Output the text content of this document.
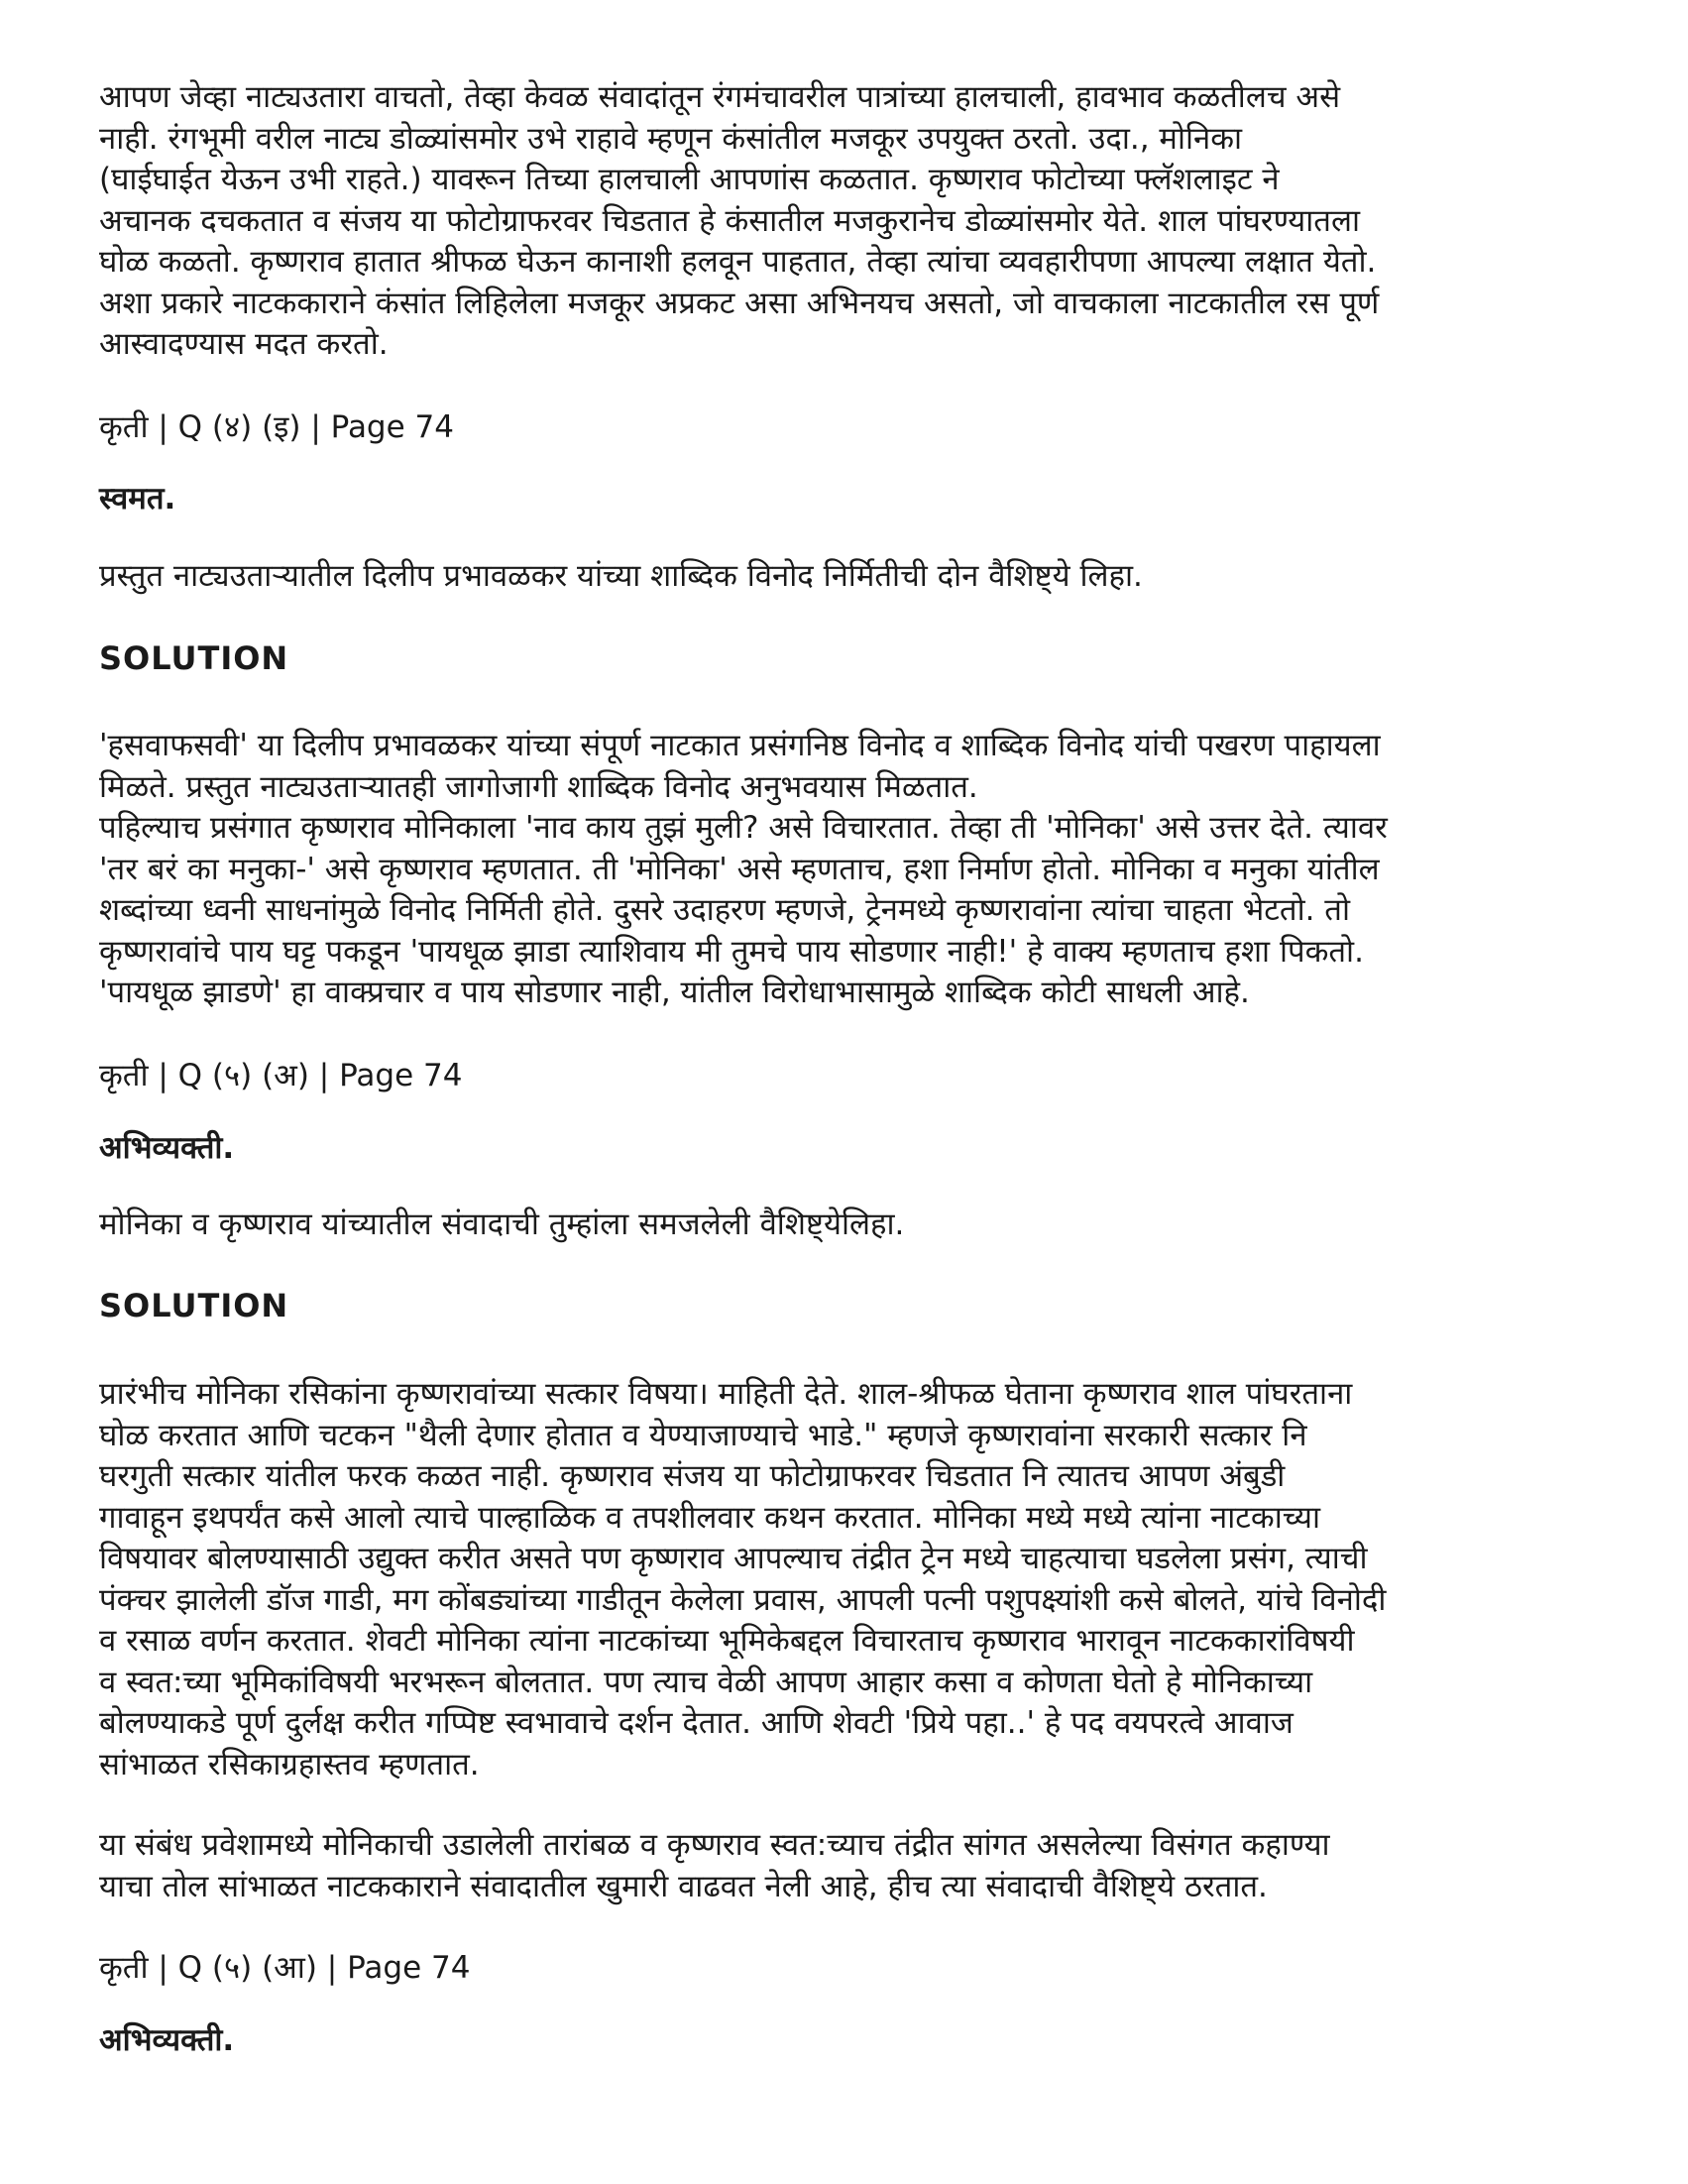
आपण जेव्हा नाट्यउतारा वाचतो, तेव्हा केवळ संवादांतून रंगमंचावरील पात्रांच्या हालचाली, हावभाव कळतीलच असे
नाही. रंगभूमी वरील नाट्य डोळ्यांसमोर उभे राहावे म्हणून कंसांतील मजकूर उपयुक्त ठरतो. उदा., मोनिका
(घाईघाईत येऊन उभी राहते.) यावरून तिच्या हालचाली आपणांस कळतात. कृष्णराव फोटोच्या फ्लॅशलाइट ने
अचानक दचकतात व संजय या फोटोग्राफरवर चिडतात हे कंसातील मजकुरानेच डोळ्यांसमोर येते. शाल पांघरण्यातला
घोळ कळतो. कृष्णराव हातात श्रीफळ घेऊन कानाशी हलवून पाहतात, तेव्हा त्यांचा व्यवहारीपणा आपल्या लक्षात येतो.
अशा प्रकारे नाटककाराने कंसांत लिहिलेला मजकूर अप्रकट असा अभिनयच असतो, जो वाचकाला नाटकातील रस पूर्ण
आस्वादण्यास मदत करतो.

कृती | Q (४) (इ) | Page 74

स्वमत.

प्रस्तुत नाट्यउताऱ्यातील दिलीप प्रभावळकर यांच्या शाब्दिक विनोद निर्मितीची दोन वैशिष्ट्ये लिहा.

SOLUTION

'हसवाफसवी' या दिलीप प्रभावळकर यांच्या संपूर्ण नाटकात प्रसंगनिष्ठ विनोद व शाब्दिक विनोद यांची पखरण पाहायला
मिळते. प्रस्तुत नाट्यउताऱ्यातही जागोजागी शाब्दिक विनोद अनुभवयास मिळतात.
पहिल्याच प्रसंगात कृष्णराव मोनिकाला 'नाव काय तुझं मुली? असे विचारतात. तेव्हा ती 'मोनिका' असे उत्तर देते. त्यावर
'तर बरं का मनुका-' असे कृष्णराव म्हणतात. ती 'मोनिका' असे म्हणताच, हशा निर्माण होतो. मोनिका व मनुका यांतील
शब्दांच्या ध्वनी साधनांमुळे विनोद निर्मिती होते. दुसरे उदाहरण म्हणजे, ट्रेनमध्ये कृष्णरावांना त्यांचा चाहता भेटतो. तो
कृष्णरावांचे पाय घट्ट पकडून 'पायधूळ झाडा त्याशिवाय मी तुमचे पाय सोडणार नाही!' हे वाक्य म्हणताच हशा पिकतो.
'पायधूळ झाडणे' हा वाक्प्रचार व पाय सोडणार नाही, यांतील विरोधाभासामुळे शाब्दिक कोटी साधली आहे.

कृती | Q (५) (अ) | Page 74

अभिव्यक्ती.

मोनिका व कृष्णराव यांच्यातील संवादाची तुम्हांला समजलेली वैशिष्ट्येलिहा.

SOLUTION

प्रारंभीच मोनिका रसिकांना कृष्णरावांच्या सत्कार विषया। माहिती देते. शाल-श्रीफळ घेताना कृष्णराव शाल पांघरताना
घोळ करतात आणि चटकन "थैली देणार होतात व येण्याजाण्याचे भाडे." म्हणजे कृष्णरावांना सरकारी सत्कार नि
घरगुती सत्कार यांतील फरक कळत नाही. कृष्णराव संजय या फोटोग्राफरवर चिडतात नि त्यातच आपण अंबुडी
गावाहून इथपर्यंत कसे आलो त्याचे पाल्हाळिक व तपशीलवार कथन करतात. मोनिका मध्ये मध्ये त्यांना नाटकाच्या
विषयावर बोलण्यासाठी उद्युक्त करीत असते पण कृष्णराव आपल्याच तंद्रीत ट्रेन मध्ये चाहत्याचा घडलेला प्रसंग, त्याची
पंक्चर झालेली डॉज गाडी, मग कोंबड्यांच्या गाडीतून केलेला प्रवास, आपली पत्नी पशुपक्ष्यांशी कसे बोलते, यांचे विनोदी
व रसाळ वर्णन करतात. शेवटी मोनिका त्यांना नाटकांच्या भूमिकेबद्दल विचारताच कृष्णराव भारावून नाटककारांविषयी
व स्वत:च्या भूमिकांविषयी भरभरून बोलतात. पण त्याच वेळी आपण आहार कसा व कोणता घेतो हे मोनिकाच्या
बोलण्याकडे पूर्ण दुर्लक्ष करीत गप्पिष्ट स्वभावाचे दर्शन देतात. आणि शेवटी 'प्रिये पहा..' हे पद वयपरत्वे आवाज
सांभाळत रसिकाग्रहास्तव म्हणतात.

या संबंध प्रवेशामध्ये मोनिकाची उडालेली तारांबळ व कृष्णराव स्वत:च्याच तंद्रीत सांगत असलेल्या विसंगत कहाण्या
याचा तोल सांभाळत नाटककाराने संवादातील खुमारी वाढवत नेली आहे, हीच त्या संवादाची वैशिष्ट्ये ठरतात.

कृती | Q (५) (आ) | Page 74

अभिव्यक्ती.
